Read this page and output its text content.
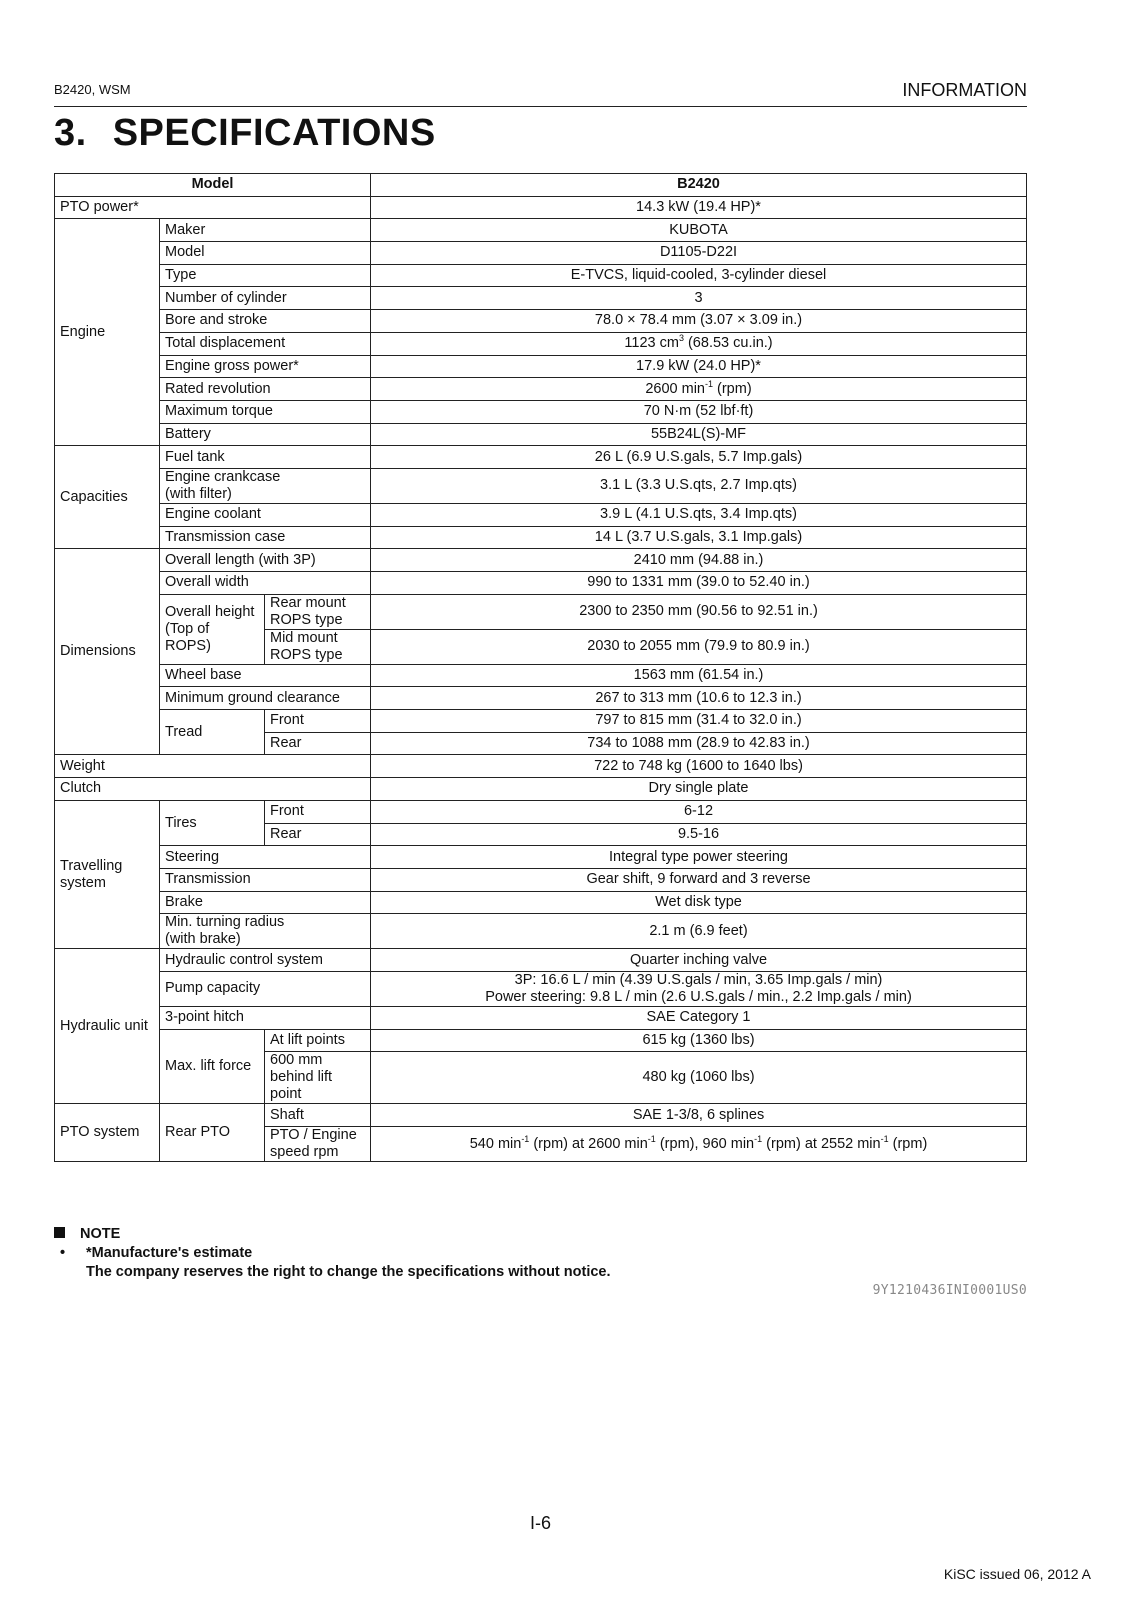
B2420, WSM	INFORMATION
3. SPECIFICATIONS
Model			B2420
PTO power*			14.3 kW (19.4 HP)*
Engine	Maker		KUBOTA
	Model		D1105-D22I
	Type		E-TVCS, liquid-cooled, 3-cylinder diesel
	Number of cylinder		3
	Bore and stroke		78.0 × 78.4 mm (3.07 × 3.09 in.)
	Total displacement		1123 $cm^3$ (68.53 cu.in.)
	Engine gross power*		17.9 kW (24.0 HP)*
	Rated revolution		2600 $\min^{-1} (rpm)$
	Maximum torque		70 N·m (52 lbf·ft)
	Battery		55B24L(S)-MF
Capacities	Fuel tank		26 L (6.9 U.S.gals, 5.7 Imp.gals)
	Engine crankcase
(with filter)		3.1 L (3.3 U.S.qts, 2.7 Imp.qts)
	Engine coolant		3.9 L (4.1 U.S.qts, 3.4 Imp.qts)
	Transmission case		14 L (3.7 U.S.gals, 3.1 Imp.gals)
Dimensions	Overall length (with 3P)		2410 mm (94.88 in.)
	Overall width		990 to 1331 mm (39.0 to 52.40 in.)
	Overall height
(Top of
ROPS)	Rear mount
ROPS type	2300 to 2350 mm (90.56 to 92.51 in.)
		Mid mount
ROPS type	2030 to 2055 mm (79.9 to 80.9 in.)
	Wheel base		1563 mm (61.54 in.)
	Minimum ground clearance		267 to 313 mm (10.6 to 12.3 in.)
	Tread	Front	797 to 815 mm (31.4 to 32.0 in.)
		Rear	734 to 1088 mm (28.9 to 42.83 in.)
Weight			722 to 748 kg (1600 to 1640 lbs)
Clutch			Dry single plate
Travelling
system	Tires	Front	6-12
		Rear	9.5-16
	Steering		Integral type power steering
	Transmission		Gear shift, 9 forward and 3 reverse
	Brake		Wet disk type
	Min. turning radius
(with brake)		2.1 m (6.9 feet)
Hydraulic unit	Hydraulic control system		Quarter inching valve
	Pump capacity		3P: 16.6 L / min (4.39 U.S.gals / min, 3.65 Imp.gals / min)
Power steering: 9.8 L / min (2.6 U.S.gals / min., 2.2 Imp.gals / min)
	3-point hitch		SAE Category 1
	Max. lift force	At lift points	615 kg (1360 lbs)
		600 mm
behind lift
point	480 kg (1060 lbs)
PTO system	Rear PTO	Shaft	SAE 1-3/8, 6 splines
		PTO / Engine
speed rpm	540 $\min^{-1} (rpm)$ at 2600 $\min^{-1} (rpm)$, 960 $\min^{-1} (rpm)$ at 2552 $\min^{-1} (rpm)$
NOTE
• *Manufacture's estimate
The company reserves the right to change the specifications without notice.
9Y1210436INI0001US0
I-6
KiSC issued 06, 2012 A
